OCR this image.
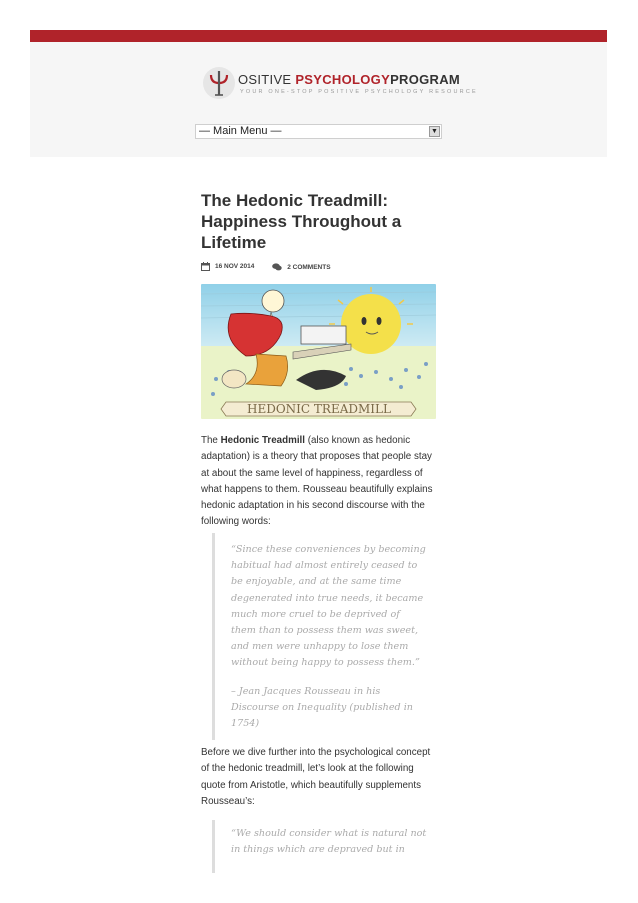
OSITIVE PSYCHOLOGYPROGRAM
YOUR ONE-STOP POSITIVE PSYCHOLOGY RESOURCE
— Main Menu —	▼
The Hedonic Treadmill: Happiness Throughout a Lifetime
16 NOV 2014
	2 COMMENTS
HEDONIC TREADMILL

The Hedonic Treadmill (also known as hedonic adaptation) is a theory that proposes that people stay at about the same level of happiness, regardless of what happens to them. Rousseau beautifully explains hedonic adaptation in his second discourse with the following words:

“Since these conveniences by becoming habitual had almost entirely ceased to be enjoyable, and at the same time degenerated into true needs, it became much more cruel to be deprived of them than to possess them was sweet, and men were unhappy to lose them without being happy to possess them.”

– Jean Jacques Rousseau in his Discourse on Inequality (published in 1754)

Before we dive further into the psychological concept of the hedonic treadmill, let’s look at the following quote from Aristotle, which beautifully supplements Rousseau’s:

“We should consider what is natural not in things which are depraved but in
